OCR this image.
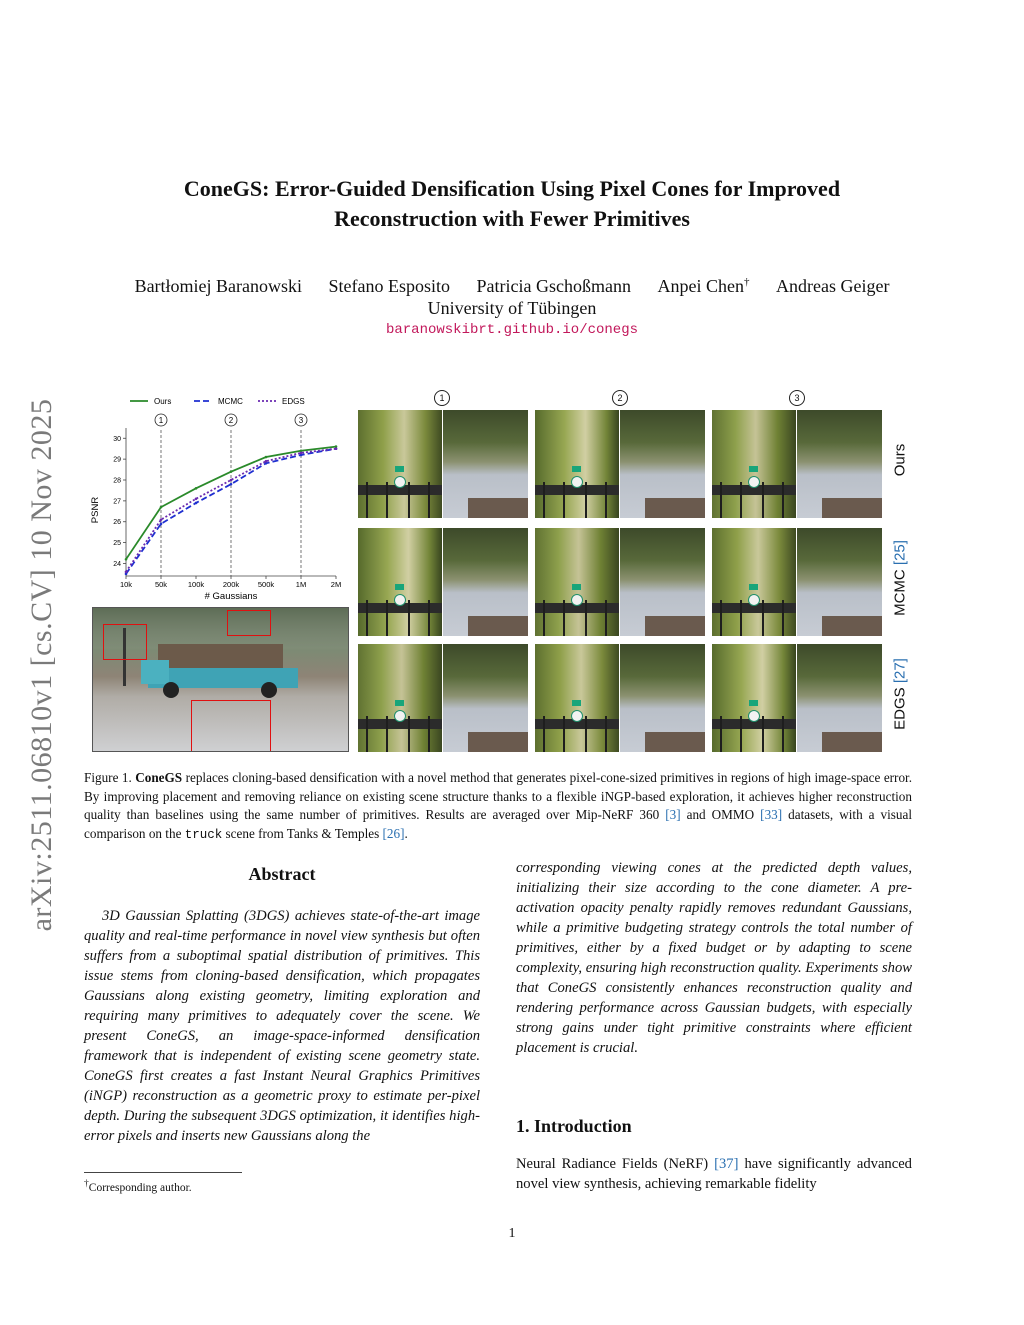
arXiv:2511.06810v1 [cs.CV] 10 Nov 2025
ConeGS: Error-Guided Densification Using Pixel Cones for Improved
Reconstruction with Fewer Primitives
Bartłomiej Baranowski Stefano Esposito Patricia Gschoßmann Anpei Chen† Andreas Geiger
University of Tübingen
baranowskibrt.github.io/conegs
Ours	MCMC	EDGS
1	2	3
24
25
26
27
28
29
30
10k	50k	100k 200k 500k	1M	2M
# Gaussians
PSNR
1	2	3
Ours
MCMC [25]
EDGS [27]
Figure 1. ConeGS replaces cloning-based densification with a novel method that generates pixel-cone-sized primitives in regions of high image-space error. By improving placement and removing reliance on existing scene structure thanks to a flexible iNGP-based exploration, it achieves higher reconstruction quality than baselines using the same number of primitives. Results are averaged over Mip-NeRF 360 [3] and OMMO [33] datasets, with a visual comparison on the truck scene from Tanks & Temples [26].
Abstract
3D Gaussian Splatting (3DGS) achieves state-of-the-art image quality and real-time performance in novel view synthesis but often suffers from a suboptimal spatial distribution of primitives. This issue stems from cloning-based densification, which propagates Gaussians along existing geometry, limiting exploration and requiring many primitives to adequately cover the scene. We present ConeGS, an image-space-informed densification framework that is independent of existing scene geometry state. ConeGS first creates a fast Instant Neural Graphics Primitives (iNGP) reconstruction as a geometric proxy to estimate per-pixel depth. During the subsequent 3DGS optimization, it identifies high-error pixels and inserts new Gaussians along the
corresponding viewing cones at the predicted depth values, initializing their size according to the cone diameter. A pre-activation opacity penalty rapidly removes redundant Gaussians, while a primitive budgeting strategy controls the total number of primitives, either by a fixed budget or by adapting to scene complexity, ensuring high reconstruction quality. Experiments show that ConeGS consistently enhances reconstruction quality and rendering performance across Gaussian budgets, with especially strong gains under tight primitive constraints where efficient placement is crucial.
1. Introduction
Neural Radiance Fields (NeRF) [37] have significantly advanced novel view synthesis, achieving remarkable fidelity
†Corresponding author.
1
